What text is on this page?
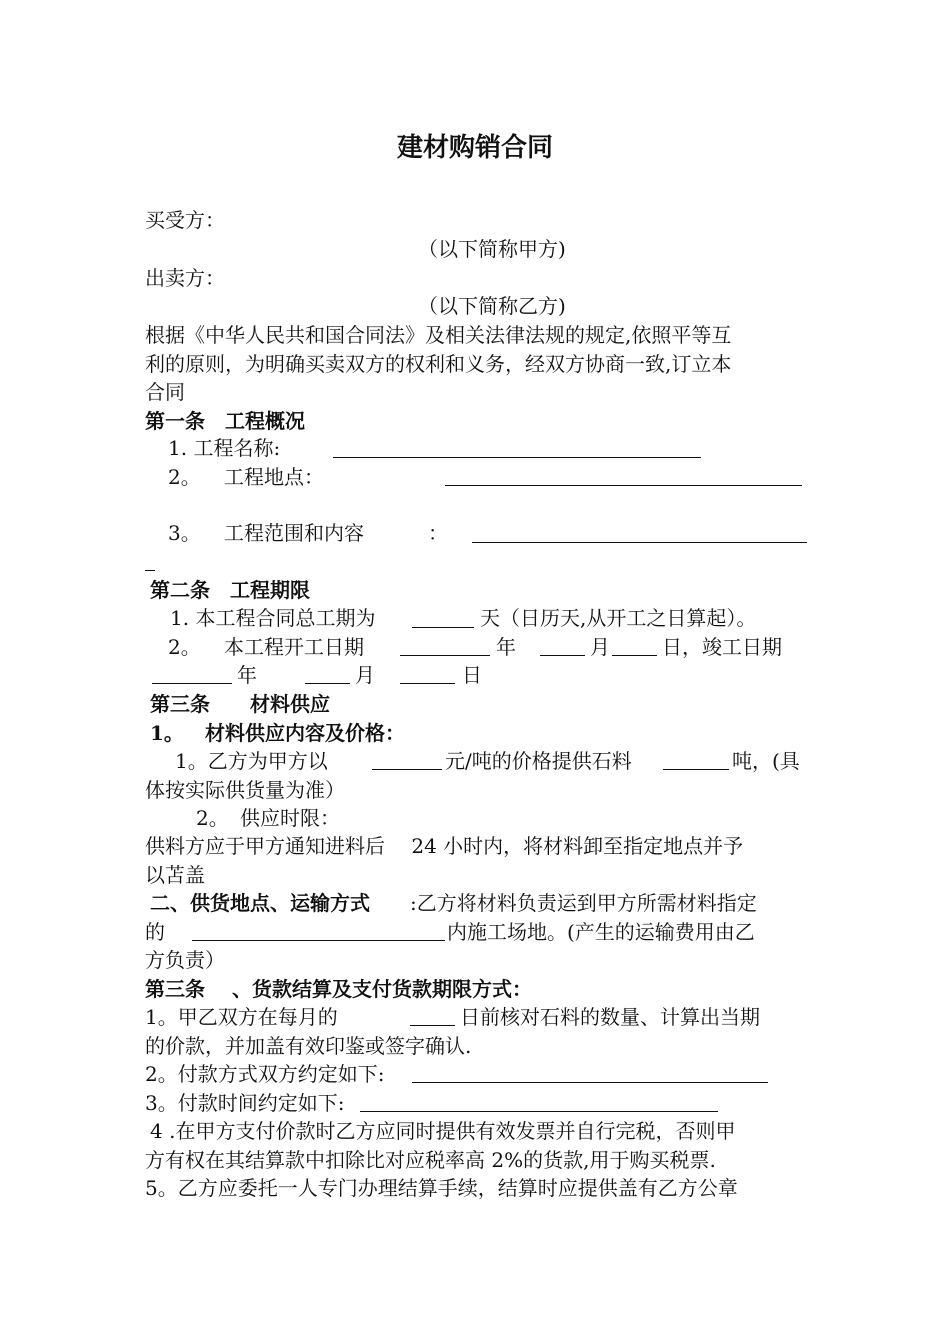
建材购销合同
买受方：
（以下简称甲方)
出卖方：
（以下简称乙方)
根据《中华人民共和国合同法》及相关法律法规的规定,依照平等互
利的原则，为明确买卖双方的权利和义务，经双方协商一致,订立本
合同
第一条　工程概况
1. 工程名称:
2。 工程地点：
3。 工程范围和内容	：
第二条　工程期限
1. 本工程合同总工期为	天（日历天,从开工之日算起）。
2。 本工程开工日期	年	月	日，竣工日期
年	月	日
第三条　　材料供应
1。 材料供应内容及价格：
1。乙方为甲方以	元/吨的价格提供石料	吨，(具
体按实际供货量为准）
2。 供应时限：
供料方应于甲方通知进料后　 24 小时内，将材料卸至指定地点并予
以苫盖
二、供货地点、运输方式 :乙方将材料负责运到甲方所需材料指定
的	内施工场地。(产生的运输费用由乙
方负责）
第三条　 、货款结算及支付货款期限方式：
1。甲乙双方在每月的	日前核对石料的数量、计算出当期
的价款，并加盖有效印鉴或签字确认.
2。付款方式双方约定如下:
3。付款时间约定如下:
4 .在甲方支付价款时乙方应同时提供有效发票并自行完税，否则甲
方有权在其结算款中扣除比对应税率高 2%的货款,用于购买税票.
5。乙方应委托一人专门办理结算手续，结算时应提供盖有乙方公章
